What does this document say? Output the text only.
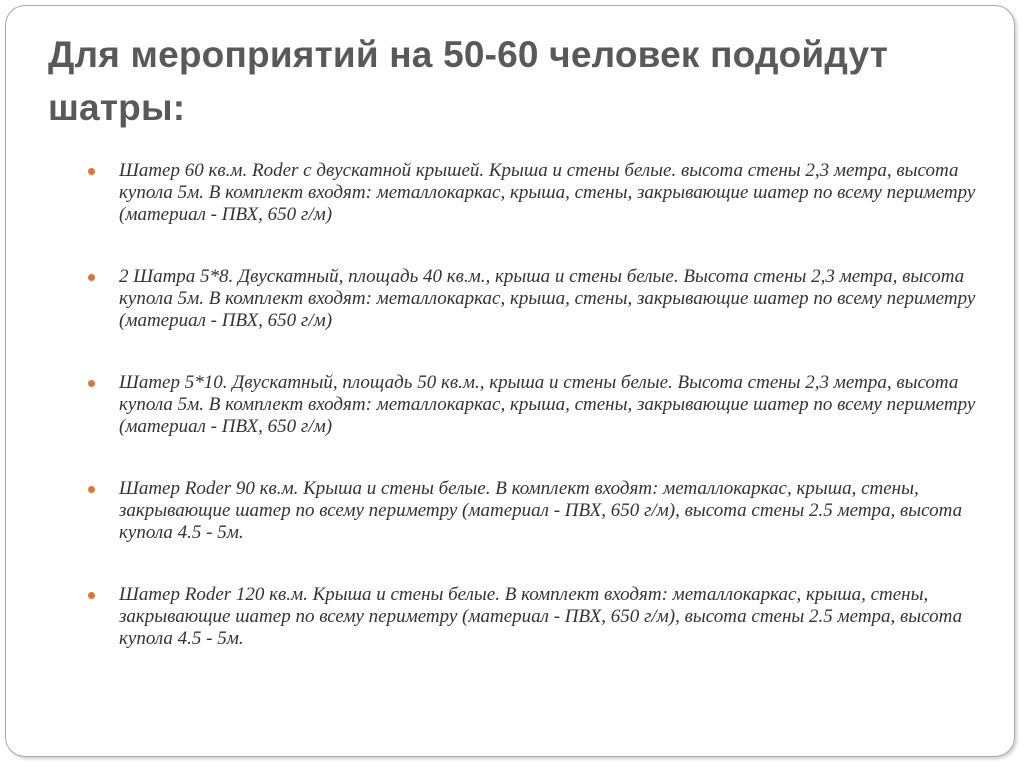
Для мероприятий на 50-60 человек подойдут шатры:
Шатер 60 кв.м. Roder с двускатной крышей. Крыша и стены белые. высота стены 2,3 метра, высота купола 5м. В комплект входят: металлокаркас, крыша, стены, закрывающие шатер по всему периметру (материал - ПВХ, 650 г/м)
2 Шатра 5*8. Двускатный, площадь 40 кв.м., крыша и стены белые. Высота стены 2,3 метра, высота купола 5м. В комплект входят: металлокаркас, крыша, стены, закрывающие шатер по всему периметру (материал - ПВХ, 650 г/м)
Шатер 5*10. Двускатный, площадь 50 кв.м., крыша и стены белые. Высота стены 2,3 метра, высота купола 5м. В комплект входят: металлокаркас, крыша, стены, закрывающие шатер по всему периметру (материал - ПВХ, 650 г/м)
Шатер Roder 90 кв.м. Крыша и стены белые. В комплект входят: металлокаркас, крыша, стены, закрывающие шатер по всему периметру (материал - ПВХ, 650 г/м), высота стены 2.5 метра, высота купола 4.5 - 5м.
Шатер Roder 120 кв.м. Крыша и стены белые. В комплект входят: металлокаркас, крыша, стены, закрывающие шатер по всему периметру (материал - ПВХ, 650 г/м), высота стены 2.5 метра, высота купола 4.5 - 5м.
